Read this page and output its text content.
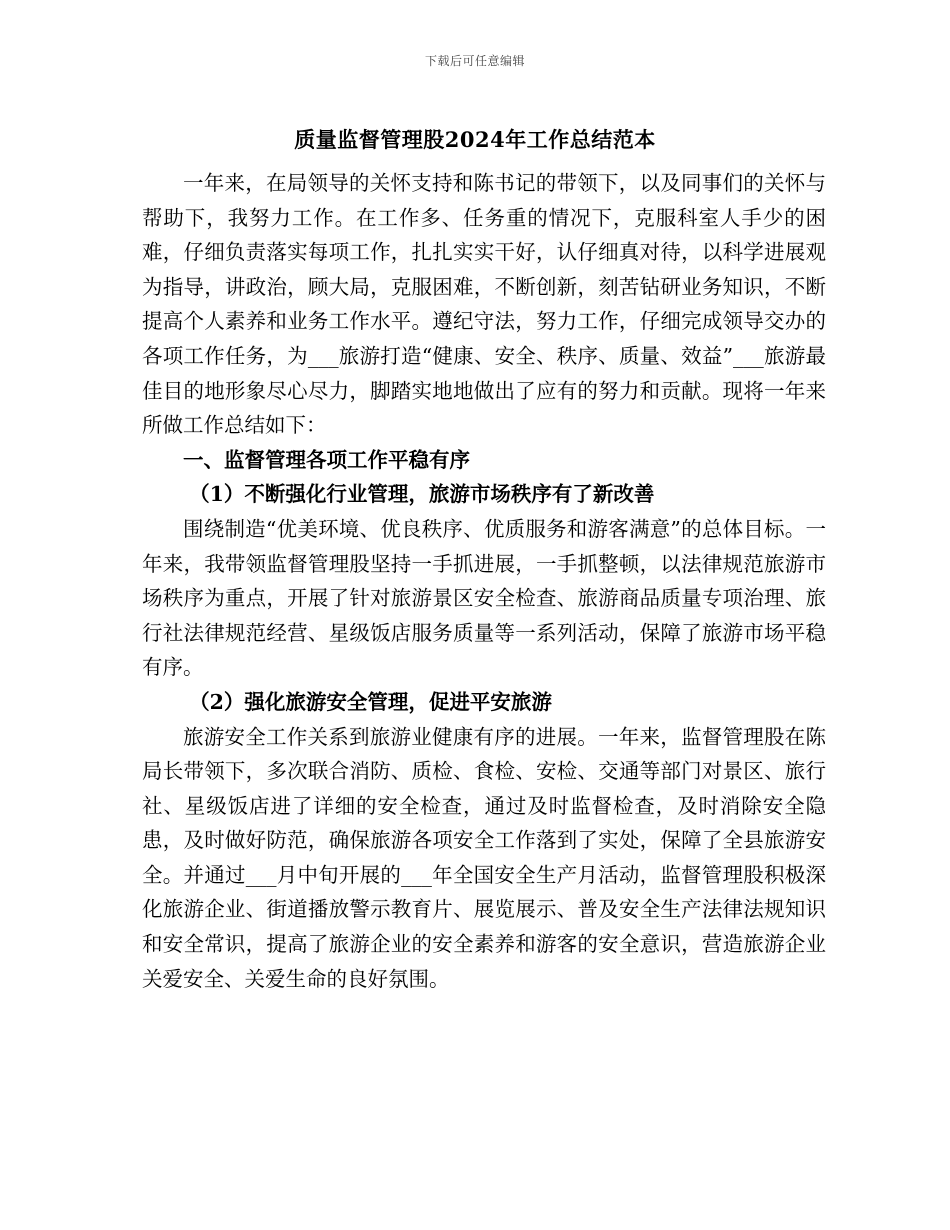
下载后可任意编辑
质量监督管理股2024年工作总结范本

一年来，在局领导的关怀支持和陈书记的带领下，以及同事们的关怀与帮助下，我努力工作。在工作多、任务重的情况下，克服科室人手少的困难，仔细负责落实每项工作，扎扎实实干好，认仔细真对待，以科学进展观为指导，讲政治，顾大局，克服困难，不断创新，刻苦钻研业务知识，不断提高个人素养和业务工作水平。遵纪守法，努力工作，仔细完成领导交办的各项工作任务，为___旅游打造“健康、安全、秩序、质量、效益”___旅游最佳目的地形象尽心尽力，脚踏实地地做出了应有的努力和贡献。现将一年来所做工作总结如下：

一、监督管理各项工作平稳有序

（1）不断强化行业管理，旅游市场秩序有了新改善

围绕制造“优美环境、优良秩序、优质服务和游客满意”的总体目标。一年来，我带领监督管理股坚持一手抓进展，一手抓整顿，以法律规范旅游市场秩序为重点，开展了针对旅游景区安全检查、旅游商品质量专项治理、旅行社法律规范经营、星级饭店服务质量等一系列活动，保障了旅游市场平稳有序。

（2）强化旅游安全管理，促进平安旅游

旅游安全工作关系到旅游业健康有序的进展。一年来，监督管理股在陈局长带领下，多次联合消防、质检、食检、安检、交通等部门对景区、旅行社、星级饭店进了详细的安全检查，通过及时监督检查，及时消除安全隐患，及时做好防范，确保旅游各项安全工作落到了实处，保障了全县旅游安全。并通过___月中旬开展的___年全国安全生产月活动，监督管理股积极深化旅游企业、街道播放警示教育片、展览展示、普及安全生产法律法规知识和安全常识，提高了旅游企业的安全素养和游客的安全意识，营造旅游企业关爱安全、关爱生命的良好氛围。
